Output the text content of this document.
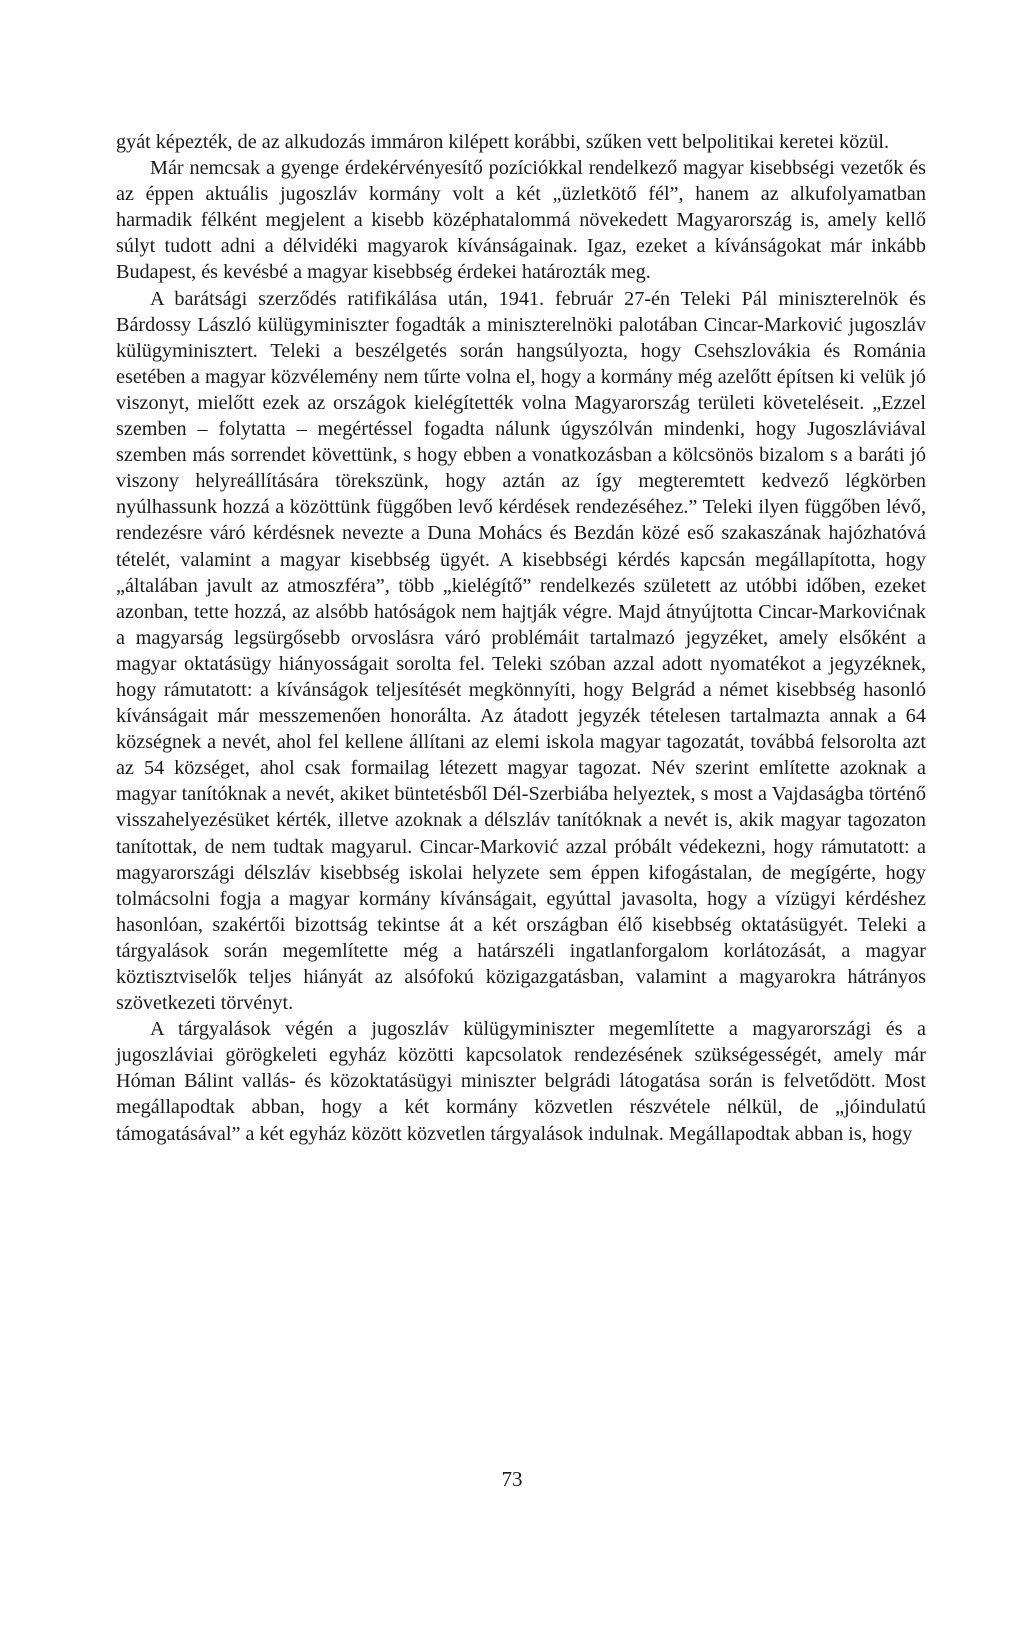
gyát képezték, de az alkudozás immáron kilépett korábbi, szűken vett belpolitikai keretei közül.

Már nemcsak a gyenge érdekérvényesítő pozíciókkal rendelkező magyar kisebbségi vezetők és az éppen aktuális jugoszláv kormány volt a két „üzletkötő fél”, hanem az alkufolyamatban harmadik félként megjelent a kisebb középhatalommá növekedett Magyarország is, amely kellő súlyt tudott adni a délvidéki magyarok kívánságainak. Igaz, ezeket a kívánságokat már inkább Budapest, és kevésbé a magyar kisebbség érdekei határozták meg.

A barátsági szerződés ratifikálása után, 1941. február 27-én Teleki Pál miniszterelnök és Bárdossy László külügyminiszter fogadták a miniszterelnöki palotában Cincar-Marković jugoszláv külügyminisztert. Teleki a beszélgetés során hangsúlyozta, hogy Csehszlovákia és Románia esetében a magyar közvélemény nem tűrte volna el, hogy a kormány még azelőtt építsen ki velük jó viszonyt, mielőtt ezek az országok kielégítették volna Magyarország területi követeléseit. „Ezzel szemben – folytatta – megértéssel fogadta nálunk úgyszólván mindenki, hogy Jugoszláviával szemben más sorrendet követtünk, s hogy ebben a vonatkozásban a kölcsönös bizalom s a baráti jó viszony helyreállítására törekszünk, hogy aztán az így megteremtett kedvező légkörben nyúlhassunk hozzá a közöttünk függőben levő kérdések rendezéséhez.” Teleki ilyen függőben lévő, rendezésre váró kérdésnek nevezte a Duna Mohács és Bezdán közé eső szakaszának hajózhatóvá tételét, valamint a magyar kisebbség ügyét. A kisebbségi kérdés kapcsán megállapította, hogy „általában javult az atmoszféra”, több „kielégítő” rendelkezés született az utóbbi időben, ezeket azonban, tette hozzá, az alsóbb hatóságok nem hajtják végre. Majd átnyújtotta Cincar-Markovićnak a magyarság legsürgősebb orvoslásra váró problémáit tartalmazó jegyzéket, amely elsőként a magyar oktatásügy hiányosságait sorolta fel. Teleki szóban azzal adott nyomatékot a jegyzéknek, hogy rámutatott: a kívánságok teljesítését megkönnyíti, hogy Belgrád a német kisebbség hasonló kívánságait már messzemenően honorálta. Az átadott jegyzék tételesen tartalmazta annak a 64 községnek a nevét, ahol fel kellene állítani az elemi iskola magyar tagozatát, továbbá felsorolta azt az 54 községet, ahol csak formailag létezett magyar tagozat. Név szerint említette azoknak a magyar tanítóknak a nevét, akiket büntetésből Dél-Szerbiába helyeztek, s most a Vajdaságba történő visszahelyezésüket kérték, illetve azoknak a délszláv tanítóknak a nevét is, akik magyar tagozaton tanítottak, de nem tudtak magyarul. Cincar-Marković azzal próbált védekezni, hogy rámutatott: a magyarországi délszláv kisebbség iskolai helyzete sem éppen kifogástalan, de megígérte, hogy tolmácsolni fogja a magyar kormány kívánságait, egyúttal javasolta, hogy a vízügyi kérdéshez hasonlóan, szakértői bizottság tekintse át a két országban élő kisebbség oktatásügyét. Teleki a tárgyalások során megemlítette még a határszéli ingatlanforgalom korlátozását, a magyar köztisztviselők teljes hiányát az alsófokú közigazgatásban, valamint a magyarokra hátrányos szövetkezeti törvényt.

A tárgyalások végén a jugoszláv külügyminiszter megemlítette a magyarországi és a jugoszláviai görögkeleti egyház közötti kapcsolatok rendezésének szükségességét, amely már Hóman Bálint vallás- és közoktatásügyi miniszter belgrádi látogatása során is felvetődött. Most megállapodtak abban, hogy a két kormány közvetlen részvétele nélkül, de „jóindulatú támogatásával” a két egyház között közvetlen tárgyalások indulnak. Megállapodtak abban is, hogy

73
